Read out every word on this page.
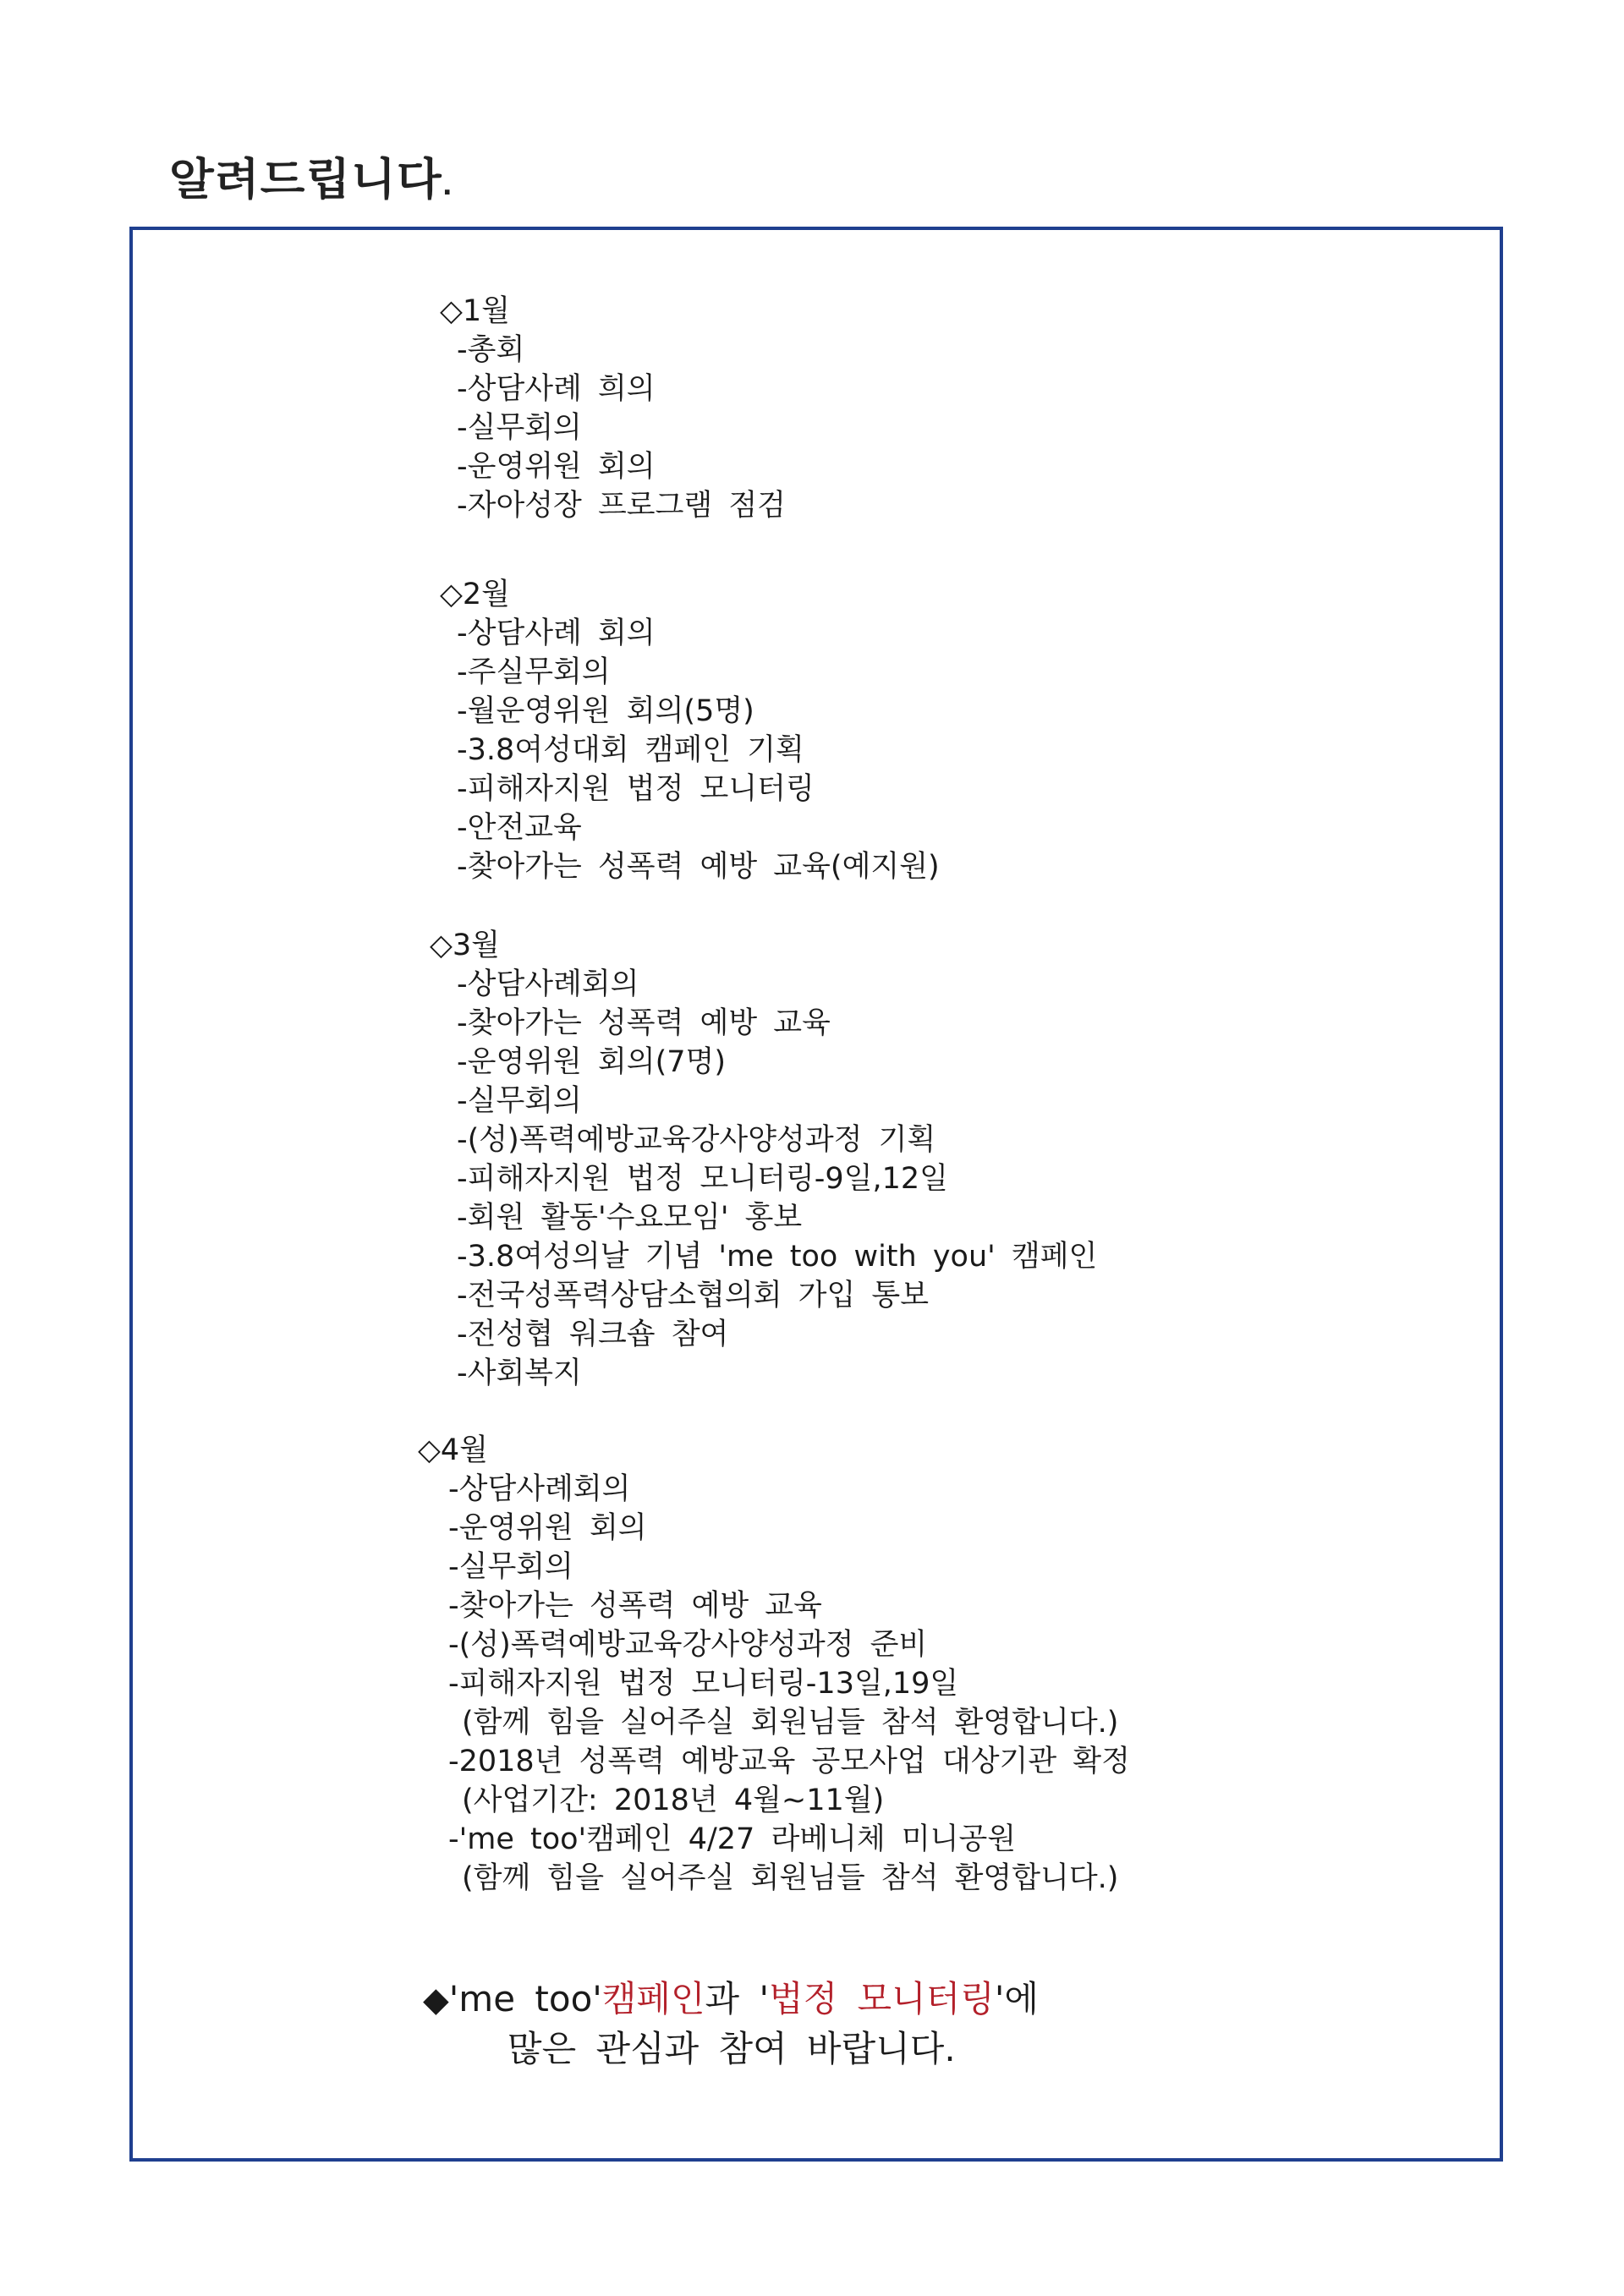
알려드립니다.
◇1월
-총회
-상담사례 희의
-실무회의
-운영위원 회의
-자아성장 프로그램 점검
◇2월
-상담사례 회의
-주실무회의
-월운영위원 회의(5명)
-3.8여성대회 캠페인 기획
-피해자지원 법정 모니터링
-안전교육
-찾아가는 성폭력 예방 교육(예지원)
◇3월
-상담사례회의
-찾아가는 성폭력 예방 교육
-운영위원 회의(7명)
-실무회의
-(성)폭력예방교육강사양성과정 기획
-피해자지원 법정 모니터링-9일,12일
-회원 활동'수요모임' 홍보
-3.8여성의날 기념 'me too with you' 캠페인
-전국성폭력상담소협의회 가입 통보
-전성협 워크숍 참여
-사회복지
◇4월
-상담사례회의
-운영위원 회의
-실무회의
-찾아가는 성폭력 예방 교육
-(성)폭력예방교육강사양성과정 준비
-피해자지원 법정 모니터링-13일,19일
(함께 힘을 실어주실 회원님들 참석 환영합니다.)
-2018년 성폭력 예방교육 공모사업 대상기관 확정
(사업기간: 2018년 4월~11월)
-'me too'캠페인 4/27 라베니체 미니공원
(함께 힘을 실어주실 회원님들 참석 환영합니다.)
◆'me too'캠페인과 '법정 모니터링'에
많은 관심과 참여 바랍니다.
